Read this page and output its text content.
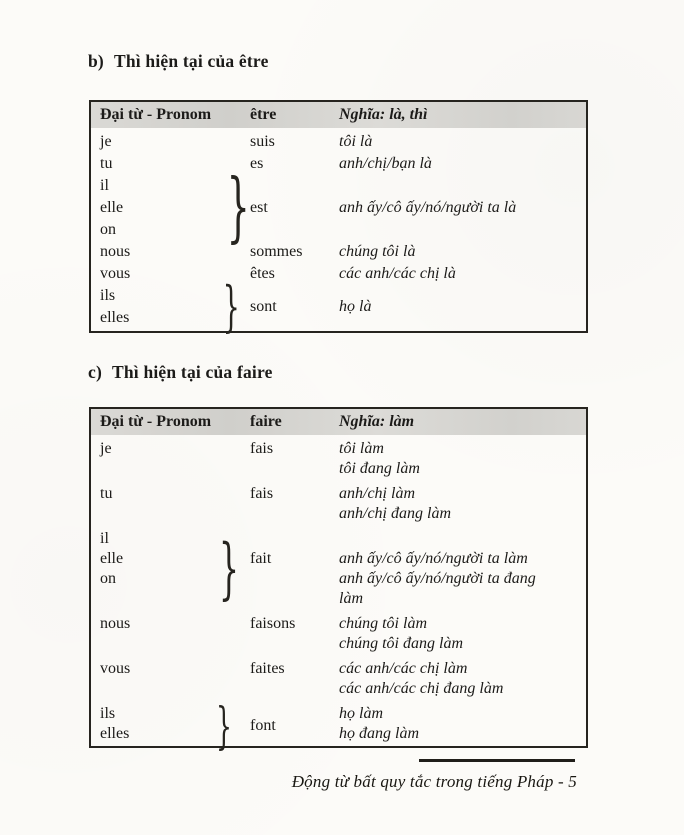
b) Thì hiện tại của être
Đại từ - Pronom	être	Nghĩa: là, thì
je	suis	tôi là
tu	es	anh/chị/bạn là
il
elle
on	} est	anh ấy/cô ấy/nó/người ta là
nous	sommes	chúng tôi là
vous	êtes	các anh/các chị là
ils
elles	} sont	họ là
c) Thì hiện tại của faire
Đại từ - Pronom	faire	Nghĩa: làm
je	fais	tôi làm
tôi đang làm
tu	fais	anh/chị làm
anh/chị đang làm
il
elle
on	} fait	anh ấy/cô ấy/nó/người ta làm
anh ấy/cô ấy/nó/người ta đang
làm
nous	faisons	chúng tôi làm
chúng tôi đang làm
vous	faites	các anh/các chị làm
các anh/các chị đang làm
ils
elles	} font
họ làm
họ đang làm
Động từ bất quy tắc trong tiếng Pháp - 5
